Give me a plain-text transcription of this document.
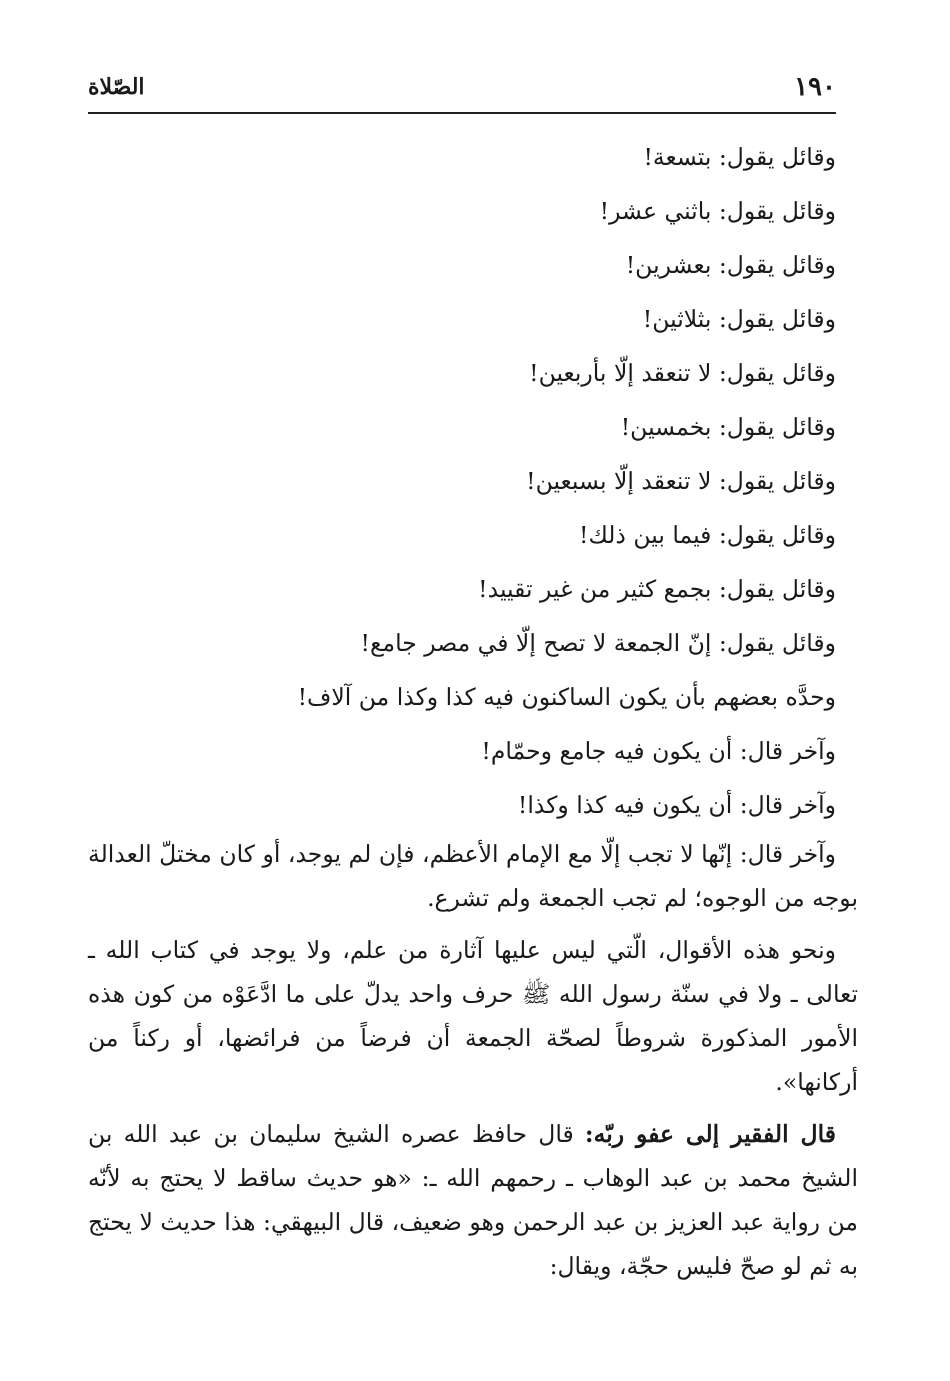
١٩٠
الصّلاة
وقائل يقول: بتسعة!
وقائل يقول: باثني عشر!
وقائل يقول: بعشرين!
وقائل يقول: بثلاثين!
وقائل يقول: لا تنعقد إلّا بأربعين!
وقائل يقول: بخمسين!
وقائل يقول: لا تنعقد إلّا بسبعين!
وقائل يقول: فيما بين ذلك!
وقائل يقول: بجمع كثير من غير تقييد!
وقائل يقول: إنّ الجمعة لا تصح إلّا في مصر جامع!
وحدَّه بعضهم بأن يكون الساكنون فيه كذا وكذا من آلاف!
وآخر قال: أن يكون فيه جامع وحمّام!
وآخر قال: أن يكون فيه كذا وكذا!

وآخر قال: إنّها لا تجب إلّا مع الإمام الأعظم، فإن لم يوجد، أو كان مختلّ العدالة بوجه من الوجوه؛ لم تجب الجمعة ولم تشرع.

ونحو هذه الأقوال، الّتي ليس عليها آثارة من علم، ولا يوجد في كتاب الله ـ تعالى ـ ولا في سنّة رسول الله ﷺ حرف واحد يدلّ على ما ادَّعَوْه من كون هذه الأمور المذكورة شروطاً لصحّة الجمعة أن فرضاً من فرائضها، أو ركناً من أركانها».

قال الفقير إلى عفو ربّه: قال حافظ عصره الشيخ سليمان بن عبد الله بن الشيخ محمد بن عبد الوهاب ـ رحمهم الله ـ: «هو حديث ساقط لا يحتج به لأنّه من رواية عبد العزيز بن عبد الرحمن وهو ضعيف، قال البيهقي: هذا حديث لا يحتج به ثم لو صحّ فليس حجّة، ويقال:
